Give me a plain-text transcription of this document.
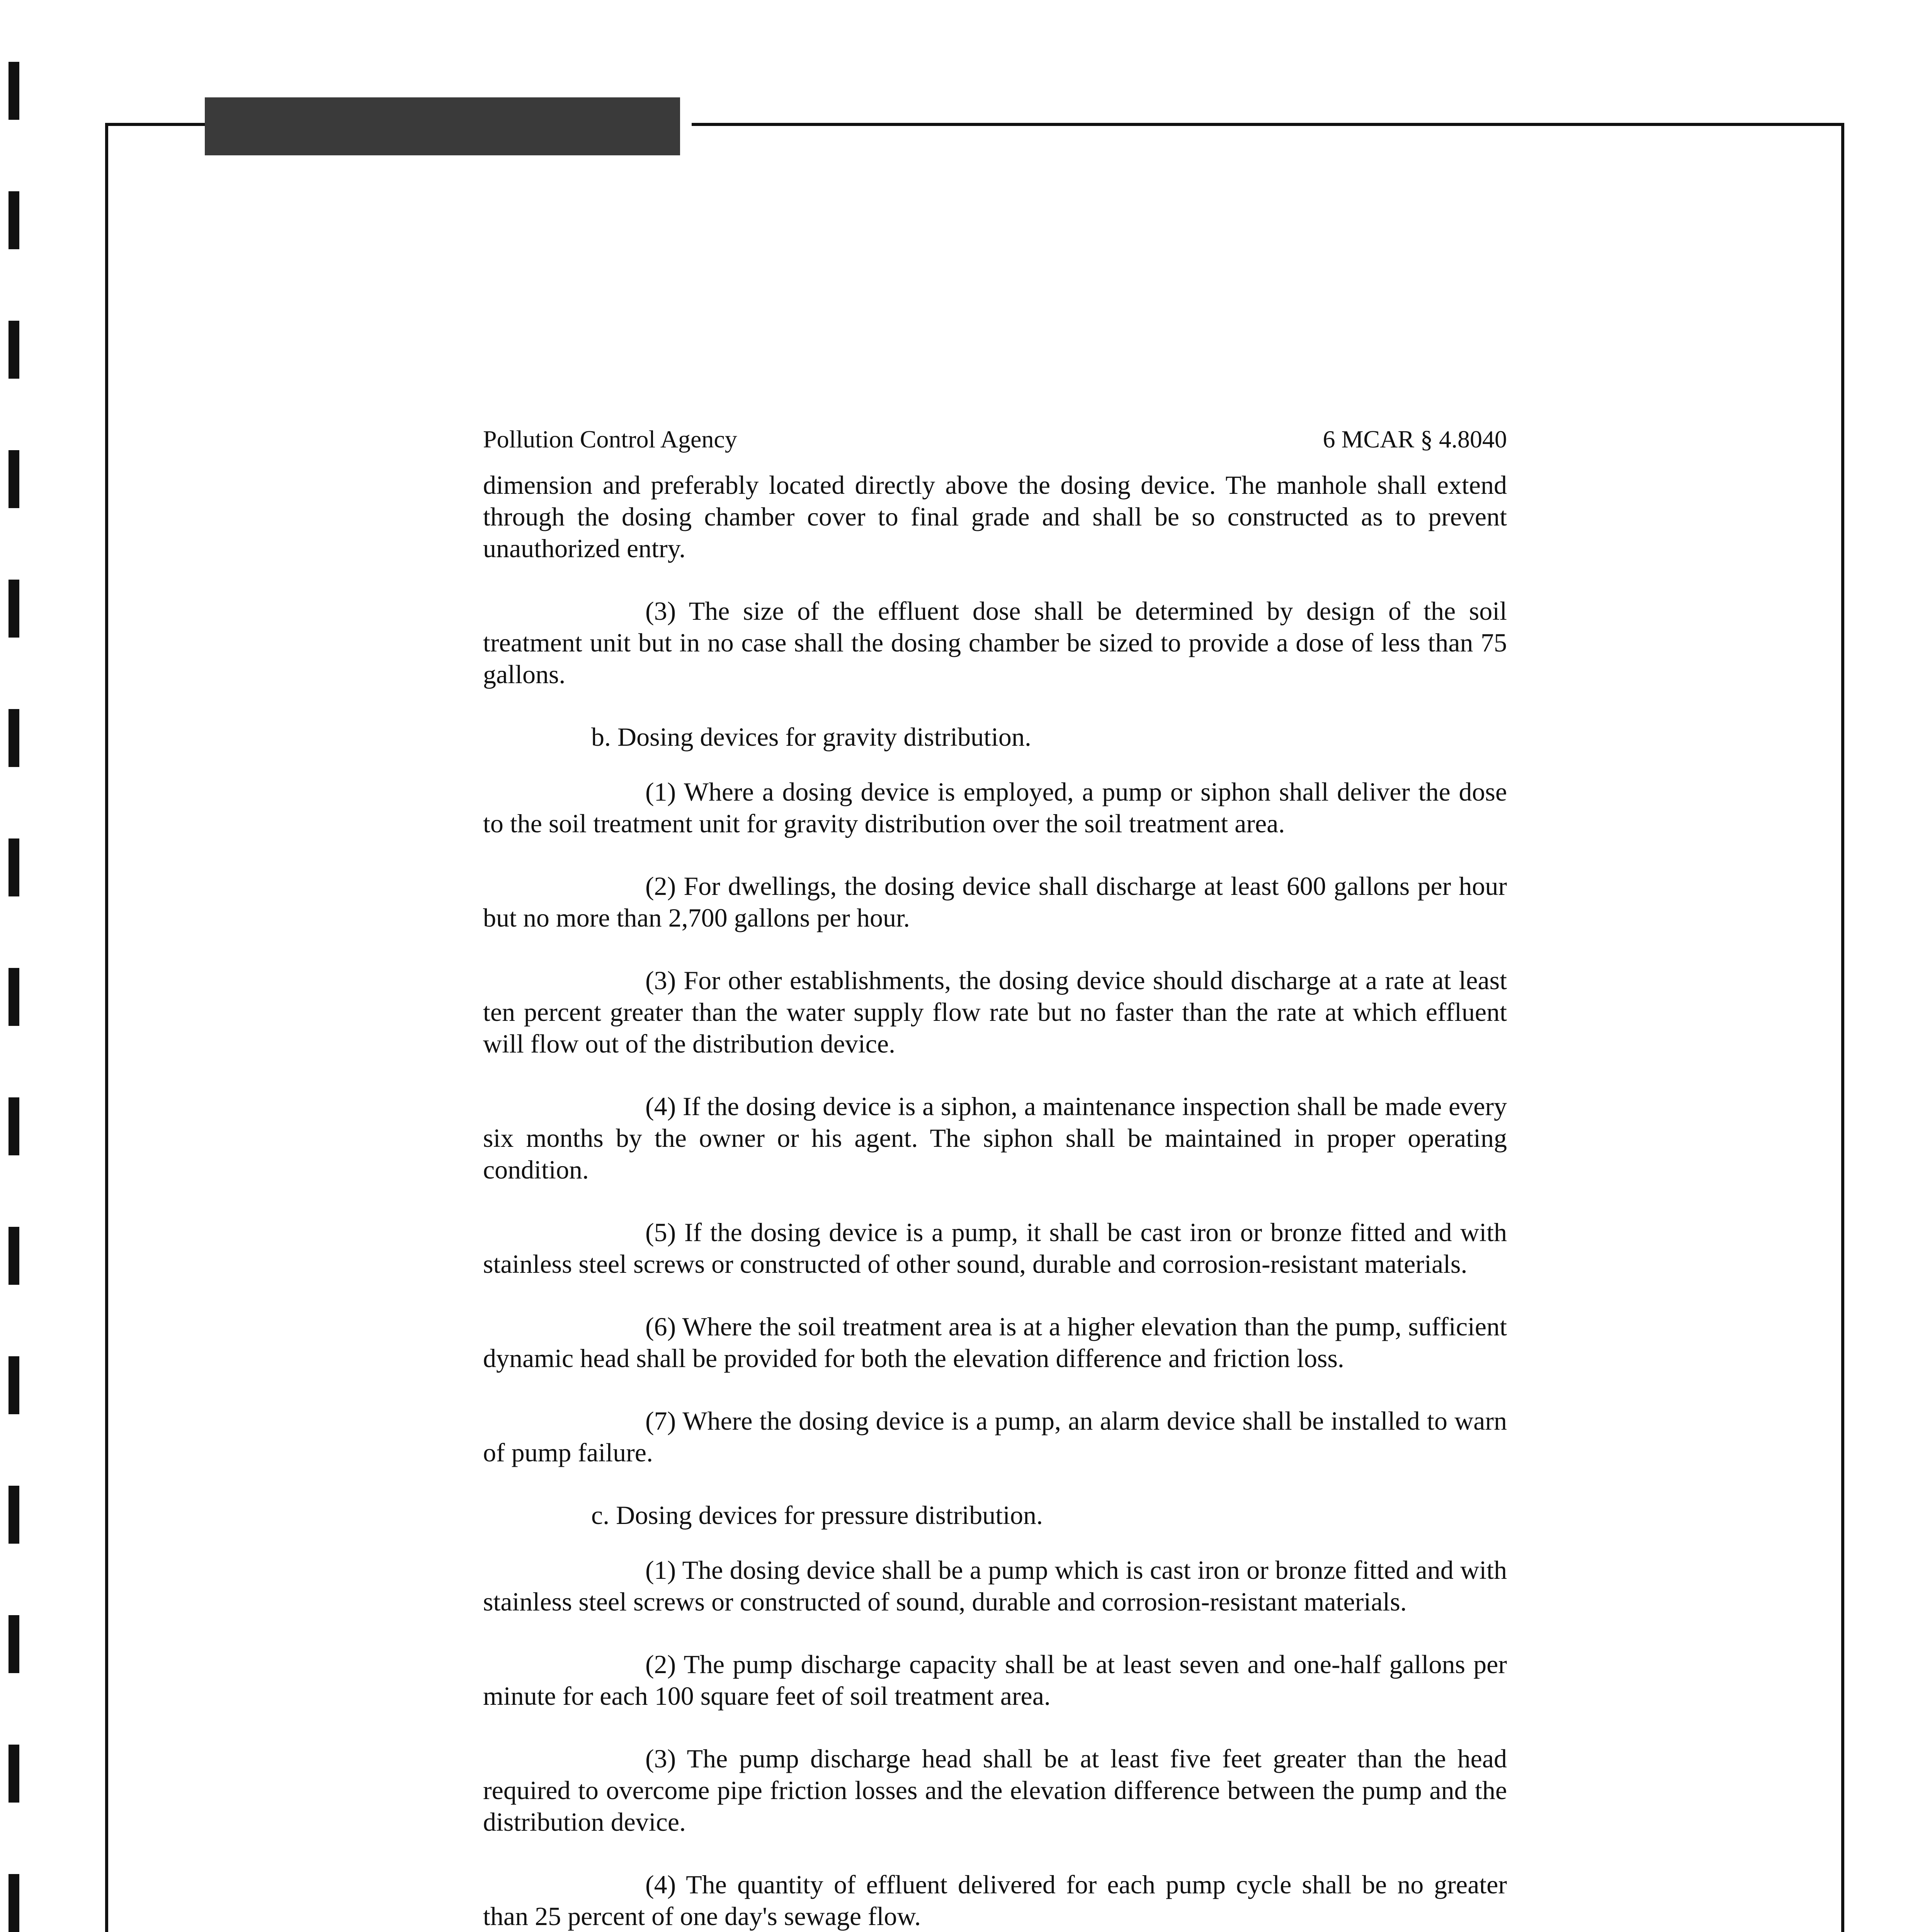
Pollution Control Agency	6 MCAR § 4.8040

dimension and preferably located directly above the dosing device. The manhole shall extend through the dosing chamber cover to final grade and shall be so constructed as to prevent unauthorized entry.

(3) The size of the effluent dose shall be determined by design of the soil treatment unit but in no case shall the dosing chamber be sized to provide a dose of less than 75 gallons.

b. Dosing devices for gravity distribution.

(1) Where a dosing device is employed, a pump or siphon shall deliver the dose to the soil treatment unit for gravity distribution over the soil treatment area.

(2) For dwellings, the dosing device shall discharge at least 600 gallons per hour but no more than 2,700 gallons per hour.

(3) For other establishments, the dosing device should discharge at a rate at least ten percent greater than the water supply flow rate but no faster than the rate at which effluent will flow out of the distribution device.

(4) If the dosing device is a siphon, a maintenance inspection shall be made every six months by the owner or his agent. The siphon shall be maintained in proper operating condition.

(5) If the dosing device is a pump, it shall be cast iron or bronze fitted and with stainless steel screws or constructed of other sound, durable and corrosion-resistant materials.

(6) Where the soil treatment area is at a higher elevation than the pump, sufficient dynamic head shall be provided for both the elevation difference and friction loss.

(7) Where the dosing device is a pump, an alarm device shall be installed to warn of pump failure.

c. Dosing devices for pressure distribution.

(1) The dosing device shall be a pump which is cast iron or bronze fitted and with stainless steel screws or constructed of sound, durable and corrosion-resistant materials.

(2) The pump discharge capacity shall be at least seven and one-half gallons per minute for each 100 square feet of soil treatment area.

(3) The pump discharge head shall be at least five feet greater than the head required to overcome pipe friction losses and the elevation difference between the pump and the distribution device.

(4) The quantity of effluent delivered for each pump cycle shall be no greater than 25 percent of one day's sewage flow.
